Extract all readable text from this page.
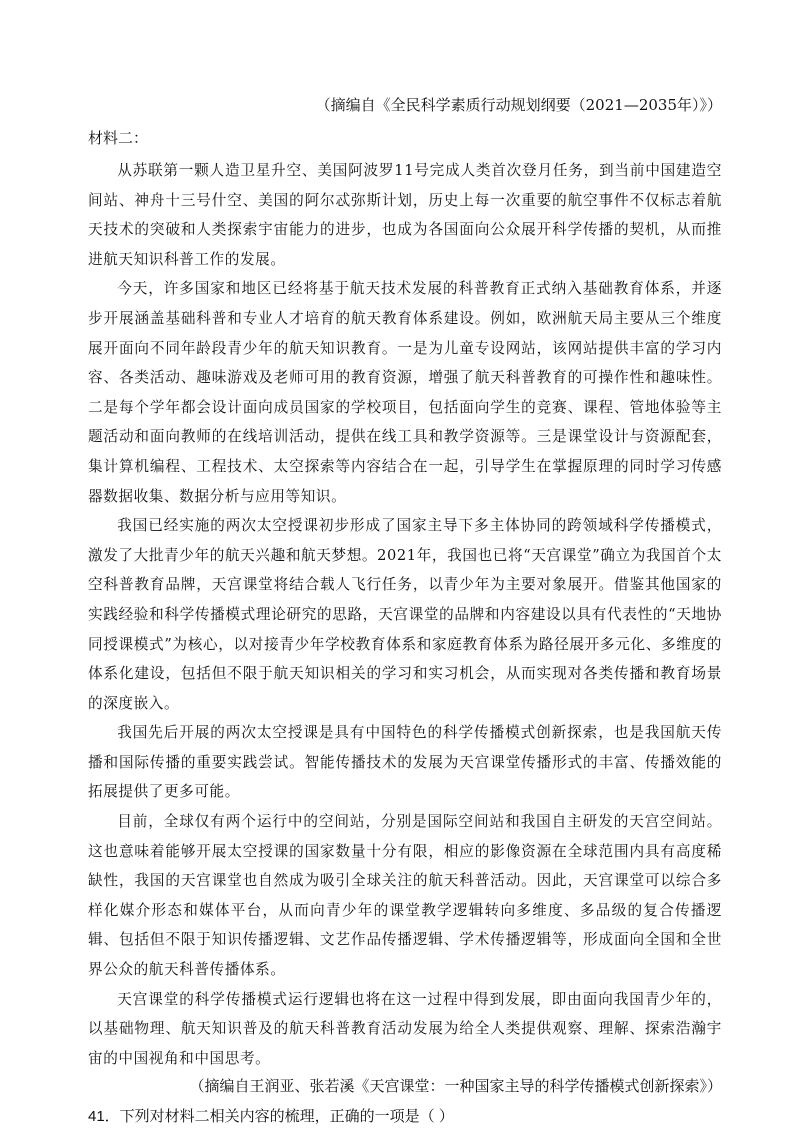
（摘编自《全民科学素质行动规划纲要（2021—2035年）》）

材料二：

从苏联第一颗人造卫星升空、美国阿波罗11号完成人类首次登月任务，到当前中国建造空间站、神舟十三号什空、美国的阿尔忒弥斯计划，历史上每一次重要的航空事件不仅标志着航天技术的突破和人类探索宇宙能力的进步，也成为各国面向公众展开科学传播的契机，从而推进航天知识科普工作的发展。

今天，许多国家和地区已经将基于航天技术发展的科普教育正式纳入基础教育体系，并逐步开展涵盖基础科普和专业人才培育的航天教育体系建设。例如，欧洲航天局主要从三个维度展开面向不同年龄段青少年的航天知识教育。一是为儿童专设网站，该网站提供丰富的学习内容、各类活动、趣味游戏及老师可用的教育资源，增强了航天科普教育的可操作性和趣味性。二是每个学年都会设计面向成员国家的学校项目，包括面向学生的竞赛、课程、管地体验等主题活动和面向教师的在线培训活动，提供在线工具和教学资源等。三是课堂设计与资源配套，集计算机编程、工程技术、太空探索等内容结合在一起，引导学生在掌握原理的同时学习传感器数据收集、数据分析与应用等知识。

我国已经实施的两次太空授课初步形成了国家主导下多主体协同的跨领域科学传播模式，激发了大批青少年的航天兴趣和航天梦想。2021年，我国也已将“天宫课堂”确立为我国首个太空科普教育品牌，天宫课堂将结合载人飞行任务，以青少年为主要对象展开。借鉴其他国家的实践经验和科学传播模式理论研究的思路，天宫课堂的品牌和内容建设以具有代表性的“天地协同授课模式”为核心，以对接青少年学校教育体系和家庭教育体系为路径展开多元化、多维度的体系化建设，包括但不限于航天知识相关的学习和实习机会，从而实现对各类传播和教育场景的深度嵌入。

我国先后开展的两次太空授课是具有中国特色的科学传播模式创新探索，也是我国航天传播和国际传播的重要实践尝试。智能传播技术的发展为天宫课堂传播形式的丰富、传播效能的拓展提供了更多可能。

目前，全球仅有两个运行中的空间站，分别是国际空间站和我国自主研发的天宫空间站。这也意味着能够开展太空授课的国家数量十分有限，相应的影像资源在全球范围内具有高度稀缺性，我国的天宫课堂也自然成为吸引全球关注的航天科普活动。因此，天宫课堂可以综合多样化媒介形态和媒体平台，从而向青少年的课堂教学逻辑转向多维度、多品级的复合传播逻辑、包括但不限于知识传播逻辑、文艺作品传播逻辑、学术传播逻辑等，形成面向全国和全世界公众的航天科普传播体系。

天宫课堂的科学传播模式运行逻辑也将在这一过程中得到发展，即由面向我国青少年的，以基础物理、航天知识普及的航天科普教育活动发展为给全人类提供观察、理解、探索浩瀚宇宙的中国视角和中国思考。

（摘编自王润亚、张若溪《天宫课堂：一种国家主导的科学传播模式创新探索》）

41．下列对材料二相关内容的梳理，正确的一项是（ ）
